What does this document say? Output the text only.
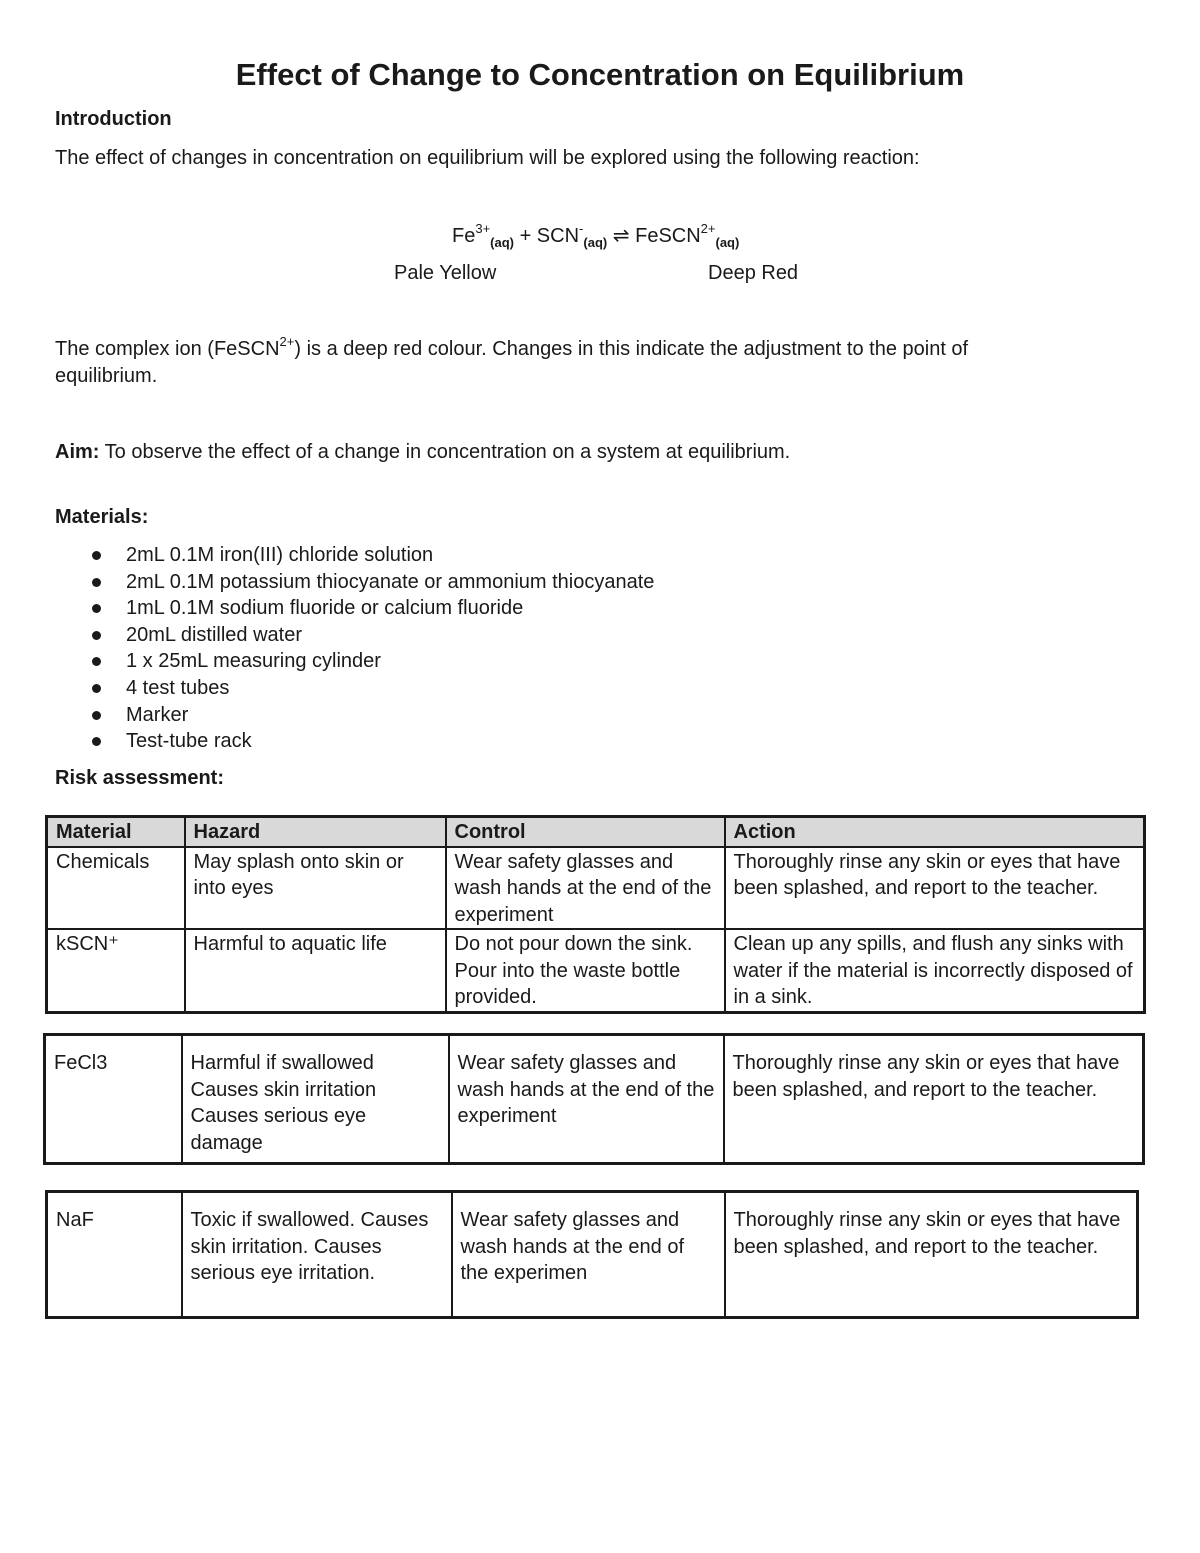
Effect of Change to Concentration on Equilibrium
Introduction
The effect of changes in concentration on equilibrium will be explored using the following reaction:
$Fe^{3+}_{(aq)} + SCN^-_{(aq)}$ ⇌ FeSCN$^{2+}_{(aq)}$
Pale Yellow	Deep Red
The complex ion (FeSCN$^{2+}$) is a deep red colour. Changes in this indicate the adjustment to the point of
equilibrium.
Aim: To observe the effect of a change in concentration on a system at equilibrium.
Materials:
2mL 0.1M iron(III) chloride solution
2mL 0.1M potassium thiocyanate or ammonium thiocyanate
1mL 0.1M sodium fluoride or calcium fluoride
20mL distilled water
1 x 25mL measuring cylinder
4 test tubes
Marker
Test-tube rack
Risk assessment:
Material	Hazard	Control	Action
Chemicals	May splash onto skin or into eyes	Wear safety glasses and wash hands at the end of the experiment	Thoroughly rinse any skin or eyes that have been splashed, and report to the teacher.
kSCN⁺	Harmful to aquatic life	Do not pour down the sink. Pour into the waste bottle provided.	Clean up any spills, and flush any sinks with water if the material is incorrectly disposed of in a sink.
FeCl3	Harmful if swallowed Causes skin irritation Causes serious eye damage	Wear safety glasses and wash hands at the end of the experiment	Thoroughly rinse any skin or eyes that have been splashed, and report to the teacher.
NaF	Toxic if swallowed. Causes skin irritation. Causes serious eye irritation.	Wear safety glasses and wash hands at the end of the experimen	Thoroughly rinse any skin or eyes that have been splashed, and report to the teacher.
